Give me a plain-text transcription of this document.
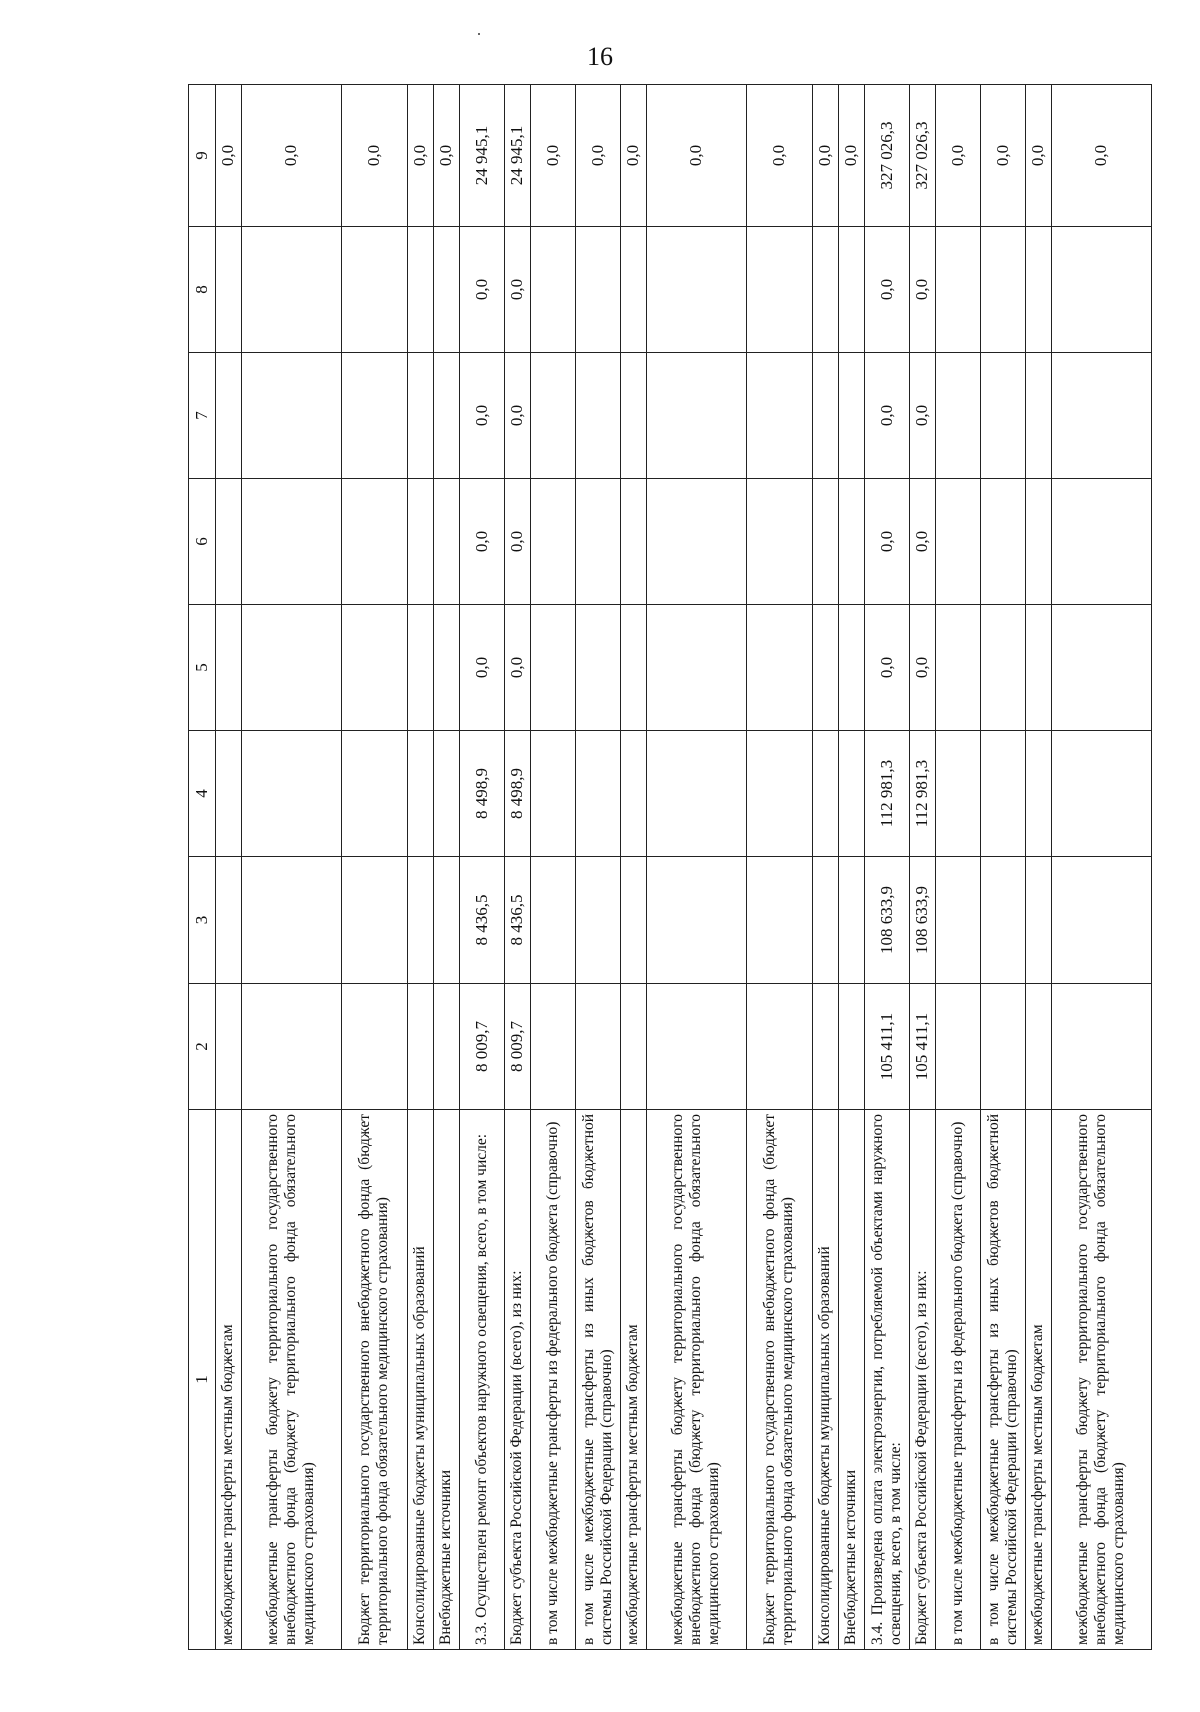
16
1	2	3	4	5	6	7	8	9
межбюджетные трансферты местным бюджетам								0,0
межбюджетные трансферты бюджету территориального государственного внебюджетного фонда (бюджету территориального фонда обязательного медицинского страхования)								0,0
Бюджет территориального государственного внебюджетного фонда (бюджет территориального фонда обязательного медицинского страхования)								0,0
Консолидированные бюджеты муниципальных образований								0,0
Внебюджетные источники								0,0
3.3. Осуществлен ремонт объектов наружного освещения, всего, в том числе:	8 009,7	8 436,5	8 498,9	0,0	0,0	0,0	0,0	24 945,1
Бюджет субъекта Российской Федерации (всего), из них:	8 009,7	8 436,5	8 498,9	0,0	0,0	0,0	0,0	24 945,1
в том числе межбюджетные трансферты из федерального бюджета (справочно)								0,0
в том числе межбюджетные трансферты из иных бюджетов бюджетной системы Российской Федерации (справочно)								0,0
межбюджетные трансферты местным бюджетам								0,0
межбюджетные трансферты бюджету территориального государственного внебюджетного фонда (бюджету территориального фонда обязательного медицинского страхования)								0,0
Бюджет территориального государственного внебюджетного фонда (бюджет территориального фонда обязательного медицинского страхования)								0,0
Консолидированные бюджеты муниципальных образований								0,0
Внебюджетные источники								0,0
3.4. Произведена оплата электроэнергии, потребляемой объектами наружного освещения, всего, в том числе:	105 411,1	108 633,9	112 981,3	0,0	0,0	0,0	0,0	327 026,3
Бюджет субъекта Российской Федерации (всего), из них:	105 411,1	108 633,9	112 981,3	0,0	0,0	0,0	0,0	327 026,3
в том числе межбюджетные трансферты из федерального бюджета (справочно)								0,0
в том числе межбюджетные трансферты из иных бюджетов бюджетной системы Российской Федерации (справочно)								0,0
межбюджетные трансферты местным бюджетам								0,0
межбюджетные трансферты бюджету территориального государственного внебюджетного фонда (бюджету территориального фонда обязательного медицинского страхования)								0,0
